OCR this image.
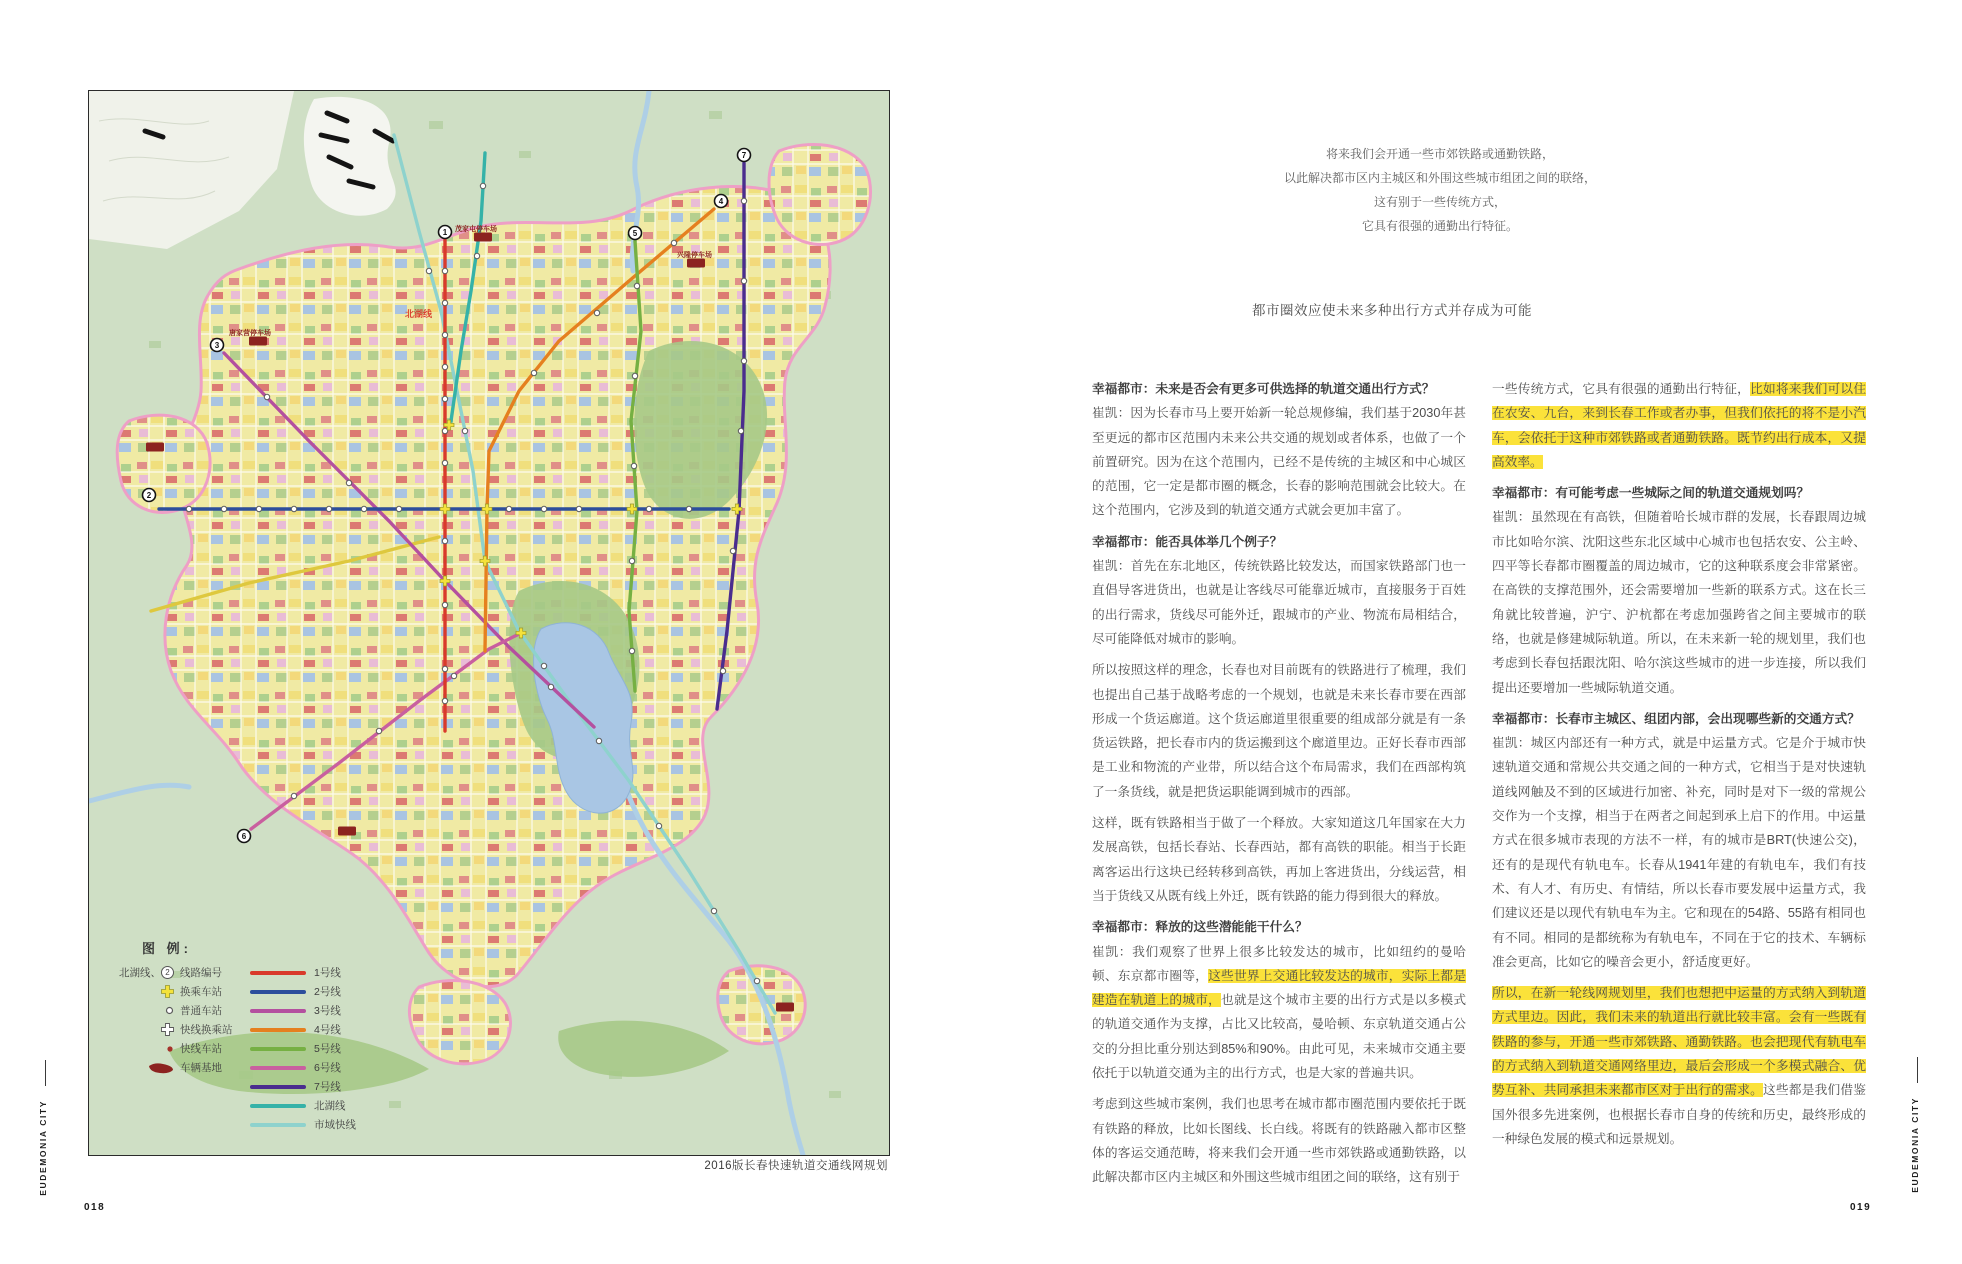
唐家营停车场
茂家屯停车场
兴隆停车场
北湖线
1
2
3
4
5
6
7
图 例:
北湖线、 2 线路编号
换乘车站
普通车站
快线换乘站
快线车站
车辆基地
1号线
2号线
3号线
4号线
5号线
6号线
7号线
北湖线
市域快线
2016版长春快速轨道交通线网规划
EUDEMONIA CITY
018
将来我们会开通一些市郊铁路或通勤铁路，
以此解决都市区内主城区和外围这些城市组团之间的联络，
这有别于一些传统方式，
它具有很强的通勤出行特征。
都市圈效应使未来多种出行方式并存成为可能

幸福都市：未来是否会有更多可供选择的轨道交通出行方式？
崔凯：因为长春市马上要开始新一轮总规修编，我们基于2030年甚至更远的都市区范围内未来公共交通的规划或者体系，也做了一个前置研究。因为在这个范围内，已经不是传统的主城区和中心城区的范围，它一定是都市圈的概念，长春的影响范围就会比较大。在这个范围内，它涉及到的轨道交通方式就会更加丰富了。

幸福都市：能否具体举几个例子？
崔凯：首先在东北地区，传统铁路比较发达，而国家铁路部门也一直倡导客进货出，也就是让客线尽可能靠近城市，直接服务于百姓的出行需求，货线尽可能外迁，跟城市的产业、物流布局相结合，尽可能降低对城市的影响。

所以按照这样的理念，长春也对目前既有的铁路进行了梳理，我们也提出自己基于战略考虑的一个规划，也就是未来长春市要在西部形成一个货运廊道。这个货运廊道里很重要的组成部分就是有一条货运铁路，把长春市内的货运搬到这个廊道里边。正好长春市西部是工业和物流的产业带，所以结合这个布局需求，我们在西部构筑了一条货线，就是把货运职能调到城市的西部。

这样，既有铁路相当于做了一个释放。大家知道这几年国家在大力发展高铁，包括长春站、长春西站，都有高铁的职能。相当于长距离客运出行这块已经转移到高铁，再加上客进货出，分线运营，相当于货线又从既有线上外迁，既有铁路的能力得到很大的释放。

幸福都市：释放的这些潜能能干什么？
崔凯：我们观察了世界上很多比较发达的城市，比如纽约的曼哈顿、东京都市圈等，这些世界上交通比较发达的城市，实际上都是建造在轨道上的城市，也就是这个城市主要的出行方式是以多模式的轨道交通作为支撑，占比又比较高，曼哈顿、东京轨道交通占公交的分担比重分别达到85%和90%。由此可见，未来城市交通主要依托于以轨道交通为主的出行方式，也是大家的普遍共识。

考虑到这些城市案例，我们也思考在城市都市圈范围内要依托于既有铁路的释放，比如长图线、长白线。将既有的铁路融入都市区整体的客运交通范畴，将来我们会开通一些市郊铁路或通勤铁路，以此解决都市区内主城区和外围这些城市组团之间的联络，这有别于

一些传统方式，它具有很强的通勤出行特征，比如将来我们可以住在农安、九台，来到长春工作或者办事，但我们依托的将不是小汽车，会依托于这种市郊铁路或者通勤铁路。既节约出行成本，又提高效率。

幸福都市：有可能考虑一些城际之间的轨道交通规划吗？
崔凯：虽然现在有高铁，但随着哈长城市群的发展，长春跟周边城市比如哈尔滨、沈阳这些东北区域中心城市也包括农安、公主岭、四平等长春都市圈覆盖的周边城市，它的这种联系度会非常紧密。在高铁的支撑范围外，还会需要增加一些新的联系方式。这在长三角就比较普遍，沪宁、沪杭都在考虑加强跨省之间主要城市的联络，也就是修建城际轨道。所以，在未来新一轮的规划里，我们也考虑到长春包括跟沈阳、哈尔滨这些城市的进一步连接，所以我们提出还要增加一些城际轨道交通。

幸福都市：长春市主城区、组团内部，会出现哪些新的交通方式？
崔凯：城区内部还有一种方式，就是中运量方式。它是介于城市快速轨道交通和常规公共交通之间的一种方式，它相当于是对快速轨道线网触及不到的区域进行加密、补充，同时是对下一级的常规公交作为一个支撑，相当于在两者之间起到承上启下的作用。中运量方式在很多城市表现的方法不一样，有的城市是BRT(快速公交)，还有的是现代有轨电车。长春从1941年建的有轨电车，我们有技术、有人才、有历史、有情结，所以长春市要发展中运量方式，我们建议还是以现代有轨电车为主。它和现在的54路、55路有相同也有不同。相同的是都统称为有轨电车，不同在于它的技术、车辆标准会更高，比如它的噪音会更小，舒适度更好。

所以，在新一轮线网规划里，我们也想把中运量的方式纳入到轨道方式里边。因此，我们未来的轨道出行就比较丰富。会有一些既有铁路的参与，开通一些市郊铁路、通勤铁路。也会把现代有轨电车的方式纳入到轨道交通网络里边，最后会形成一个多模式融合、优势互补、共同承担未来都市区对于出行的需求。这些都是我们借鉴国外很多先进案例，也根据长春市自身的传统和历史，最终形成的一种绿色发展的模式和远景规划。	EUDEMONIA CITY
019
